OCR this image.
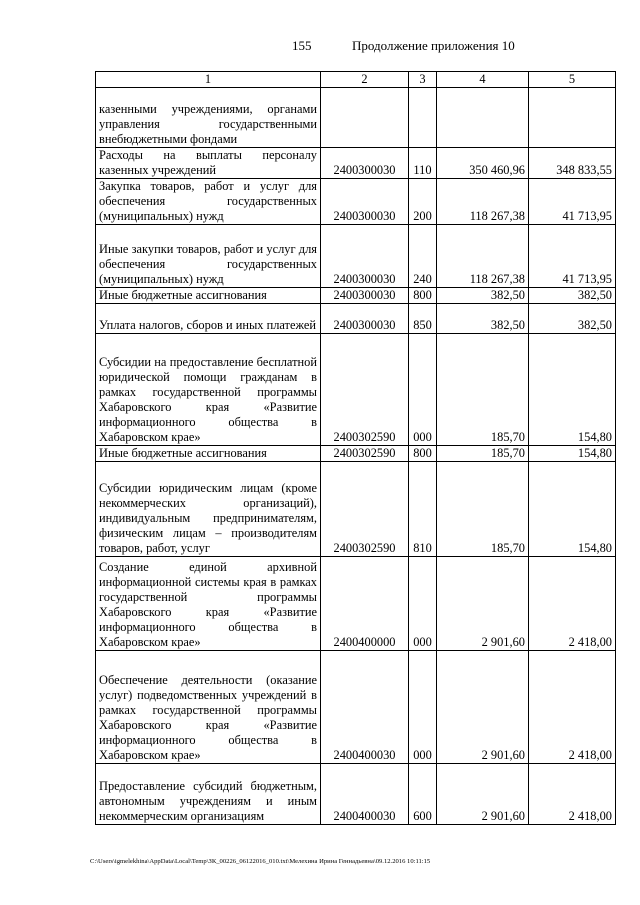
155	Продолжение приложения 10
1	2	3	4	5
казенными учреждениями, органами управления государственными внебюджетными фондами				
Расходы на выплаты персоналу казенных учреждений	2400300030	110	350 460,96	348 833,55
Закупка товаров, работ и услуг для обеспечения государственных (муниципальных) нужд	2400300030	200	118 267,38	41 713,95
Иные закупки товаров, работ и услуг для обеспечения государственных (муниципальных) нужд	2400300030	240	118 267,38	41 713,95
Иные бюджетные ассигнования	2400300030	800	382,50	382,50
Уплата налогов, сборов и иных платежей	2400300030	850	382,50	382,50
Субсидии на предоставление бесплатной юридической помощи гражданам в рамках государственной программы Хабаровского края «Развитие информационного общества в Хабаровском крае»	2400302590	000	185,70	154,80
Иные бюджетные ассигнования	2400302590	800	185,70	154,80
Субсидии юридическим лицам (кроме некоммерческих организаций), индивидуальным предпринимателям, физическим лицам – производителям товаров, работ, услуг	2400302590	810	185,70	154,80
Создание единой архивной информационной системы края в рамках государственной программы Хабаровского края «Развитие информационного общества в Хабаровском крае»	2400400000	000	2 901,60	2 418,00
Обеспечение деятельности (оказание услуг) подведомственных учреждений в рамках государственной программы Хабаровского края «Развитие информационного общества в Хабаровском крае»	2400400030	000	2 901,60	2 418,00
Предоставление субсидий бюджетным, автономным учреждениям и иным некоммерческим организациям	2400400030	600	2 901,60	2 418,00
C:\Users\igmelekhina\AppData\Local\Temp\ЗК_00226_06122016_010.txt\Мелехина Ирина Геннадьевна\09.12.2016 10:11:15
